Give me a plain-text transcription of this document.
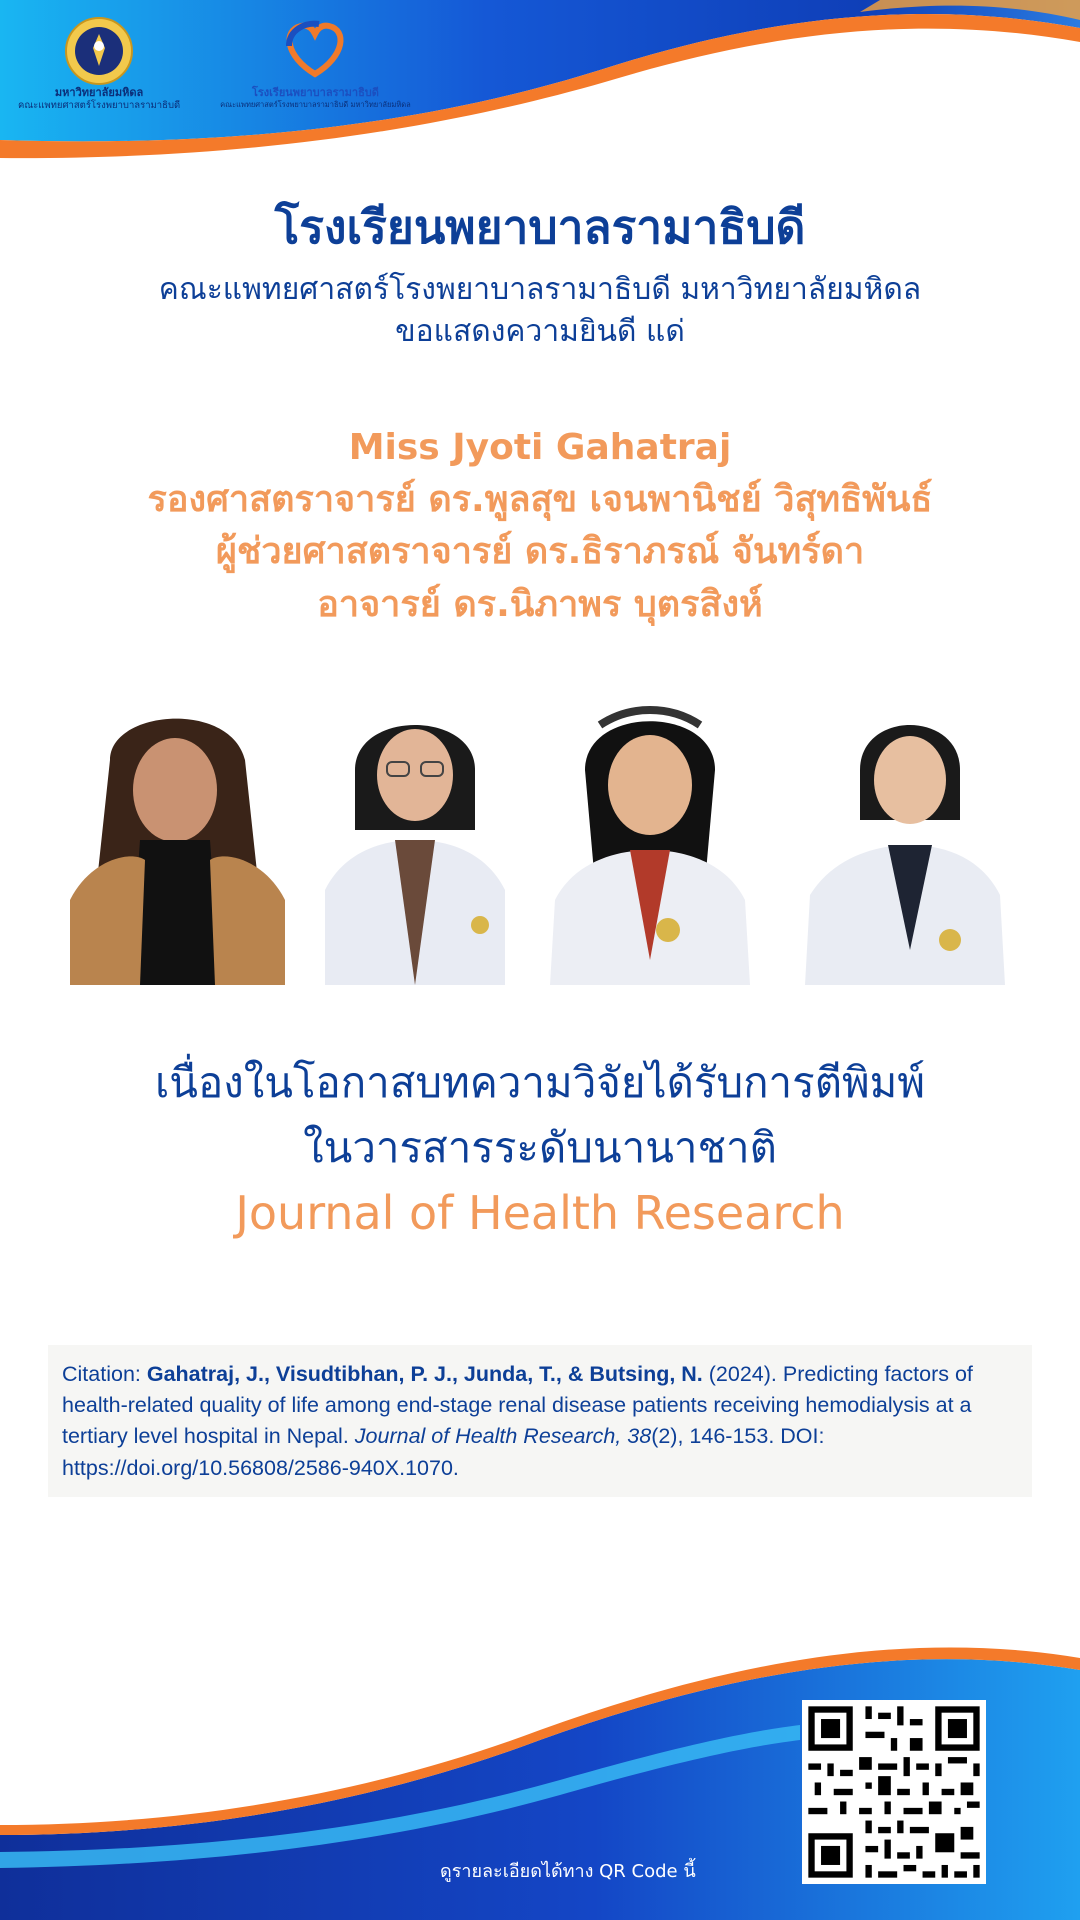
มหาวิทยาลัยมหิดล
คณะแพทยศาสตร์โรงพยาบาลรามาธิบดี
โรงเรียนพยาบาลรามาธิบดี
คณะแพทยศาสตร์โรงพยาบาลรามาธิบดี มหาวิทยาลัยมหิดล
โรงเรียนพยาบาลรามาธิบดี
คณะแพทยศาสตร์โรงพยาบาลรามาธิบดี มหาวิทยาลัยมหิดล
ขอแสดงความยินดี แด่
Miss Jyoti Gahatraj
รองศาสตราจารย์ ดร.พูลสุข เจนพานิชย์ วิสุทธิพันธ์
ผู้ช่วยศาสตราจารย์ ดร.ธิราภรณ์ จันทร์ดา
อาจารย์ ดร.นิภาพร บุตรสิงห์
เนื่องในโอกาสบทความวิจัยได้รับการตีพิมพ์
ในวารสารระดับนานาชาติ
Journal of Health Research
Citation: Gahatraj, J., Visudtibhan, P. J., Junda, T., & Butsing, N. (2024). Predicting factors of health-related quality of life among end-stage renal disease patients receiving hemodialysis at a tertiary level hospital in Nepal. Journal of Health Research, 38(2), 146-153. DOI: https://doi.org/10.56808/2586-940X.1070.
ดูรายละเอียดได้ทาง QR Code นี้
